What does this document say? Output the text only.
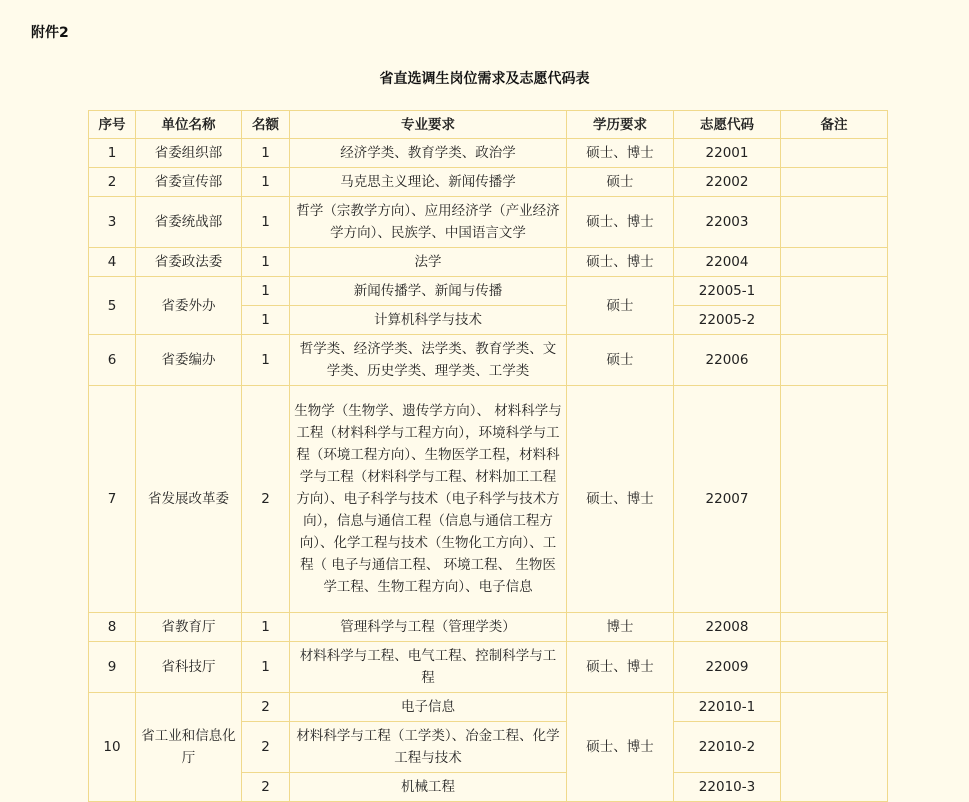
附件2
省直选调生岗位需求及志愿代码表
序号	单位名称	名额	专业要求	学历要求	志愿代码	备注
1	省委组织部	1	经济学类、教育学类、政治学	硕士、博士	22001	
2	省委宣传部	1	马克思主义理论、新闻传播学	硕士	22002	
3	省委统战部	1	哲学（宗教学方向）、应用经济学（产业经济学方向）、民族学、中国语言文学	硕士、博士	22003	
4	省委政法委	1	法学	硕士、博士	22004	
5	省委外办	1	新闻传播学、新闻与传播	硕士	22005-1	
		1	计算机科学与技术		22005-2	
6	省委编办	1	哲学类、经济学类、法学类、教育学类、文学类、历史学类、理学类、工学类	硕士	22006	
7	省发展改革委	2	生物学（生物学、遗传学方向）、 材料科学与工程（材料科学与工程方向），环境科学与工程（环境工程方向）、生物医学工程，材料科学与工程（材料科学与工程、材料加工工程方向）、电子科学与技术（电子科学与技术方向），信息与通信工程（信息与通信工程方向）、化学工程与技术（生物化工方向）、工程（ 电子与通信工程、 环境工程、 生物医学工程、生物工程方向）、电子信息	硕士、博士	22007	
8	省教育厅	1	管理科学与工程（管理学类）	博士	22008	
9	省科技厅	1	材料科学与工程、电气工程、控制科学与工程	硕士、博士	22009	
10	省工业和信息化厅	2	电子信息	硕士、博士	22010-1	
		2	材料科学与工程（工学类）、冶金工程、化学工程与技术		22010-2	
		2	机械工程		22010-3	
